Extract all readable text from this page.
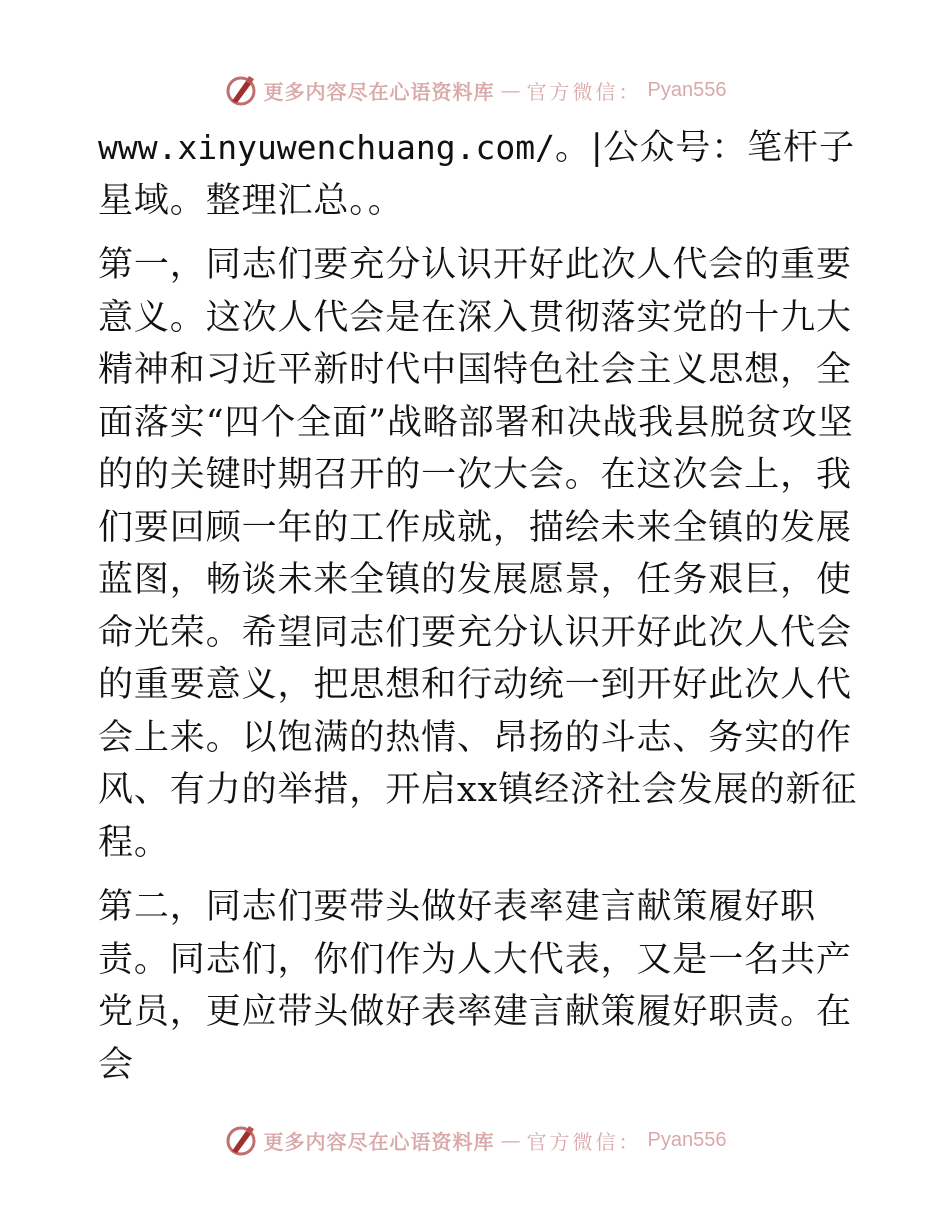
更多内容尽在心语资料库 — 官方微信： Pyan556

www.xinyuwenchuang.com/。|公众号：笔杆子星域。整理汇总。。

第一，同志们要充分认识开好此次人代会的重要意义。这次人代会是在深入贯彻落实党的十九大精神和习近平新时代中国特色社会主义思想，全面落实“四个全面”战略部署和决战我县脱贫攻坚的的关键时期召开的一次大会。在这次会上，我们要回顾一年的工作成就，描绘未来全镇的发展蓝图，畅谈未来全镇的发展愿景，任务艰巨，使命光荣。希望同志们要充分认识开好此次人代会的重要意义，把思想和行动统一到开好此次人代会上来。以饱满的热情、昂扬的斗志、务实的作风、有力的举措，开启xx镇经济社会发展的新征程。

第二，同志们要带头做好表率建言献策履好职责。同志们，你们作为人大代表，又是一名共产党员，更应带头做好表率建言献策履好职责。在会

更多内容尽在心语资料库 — 官方微信： Pyan556
